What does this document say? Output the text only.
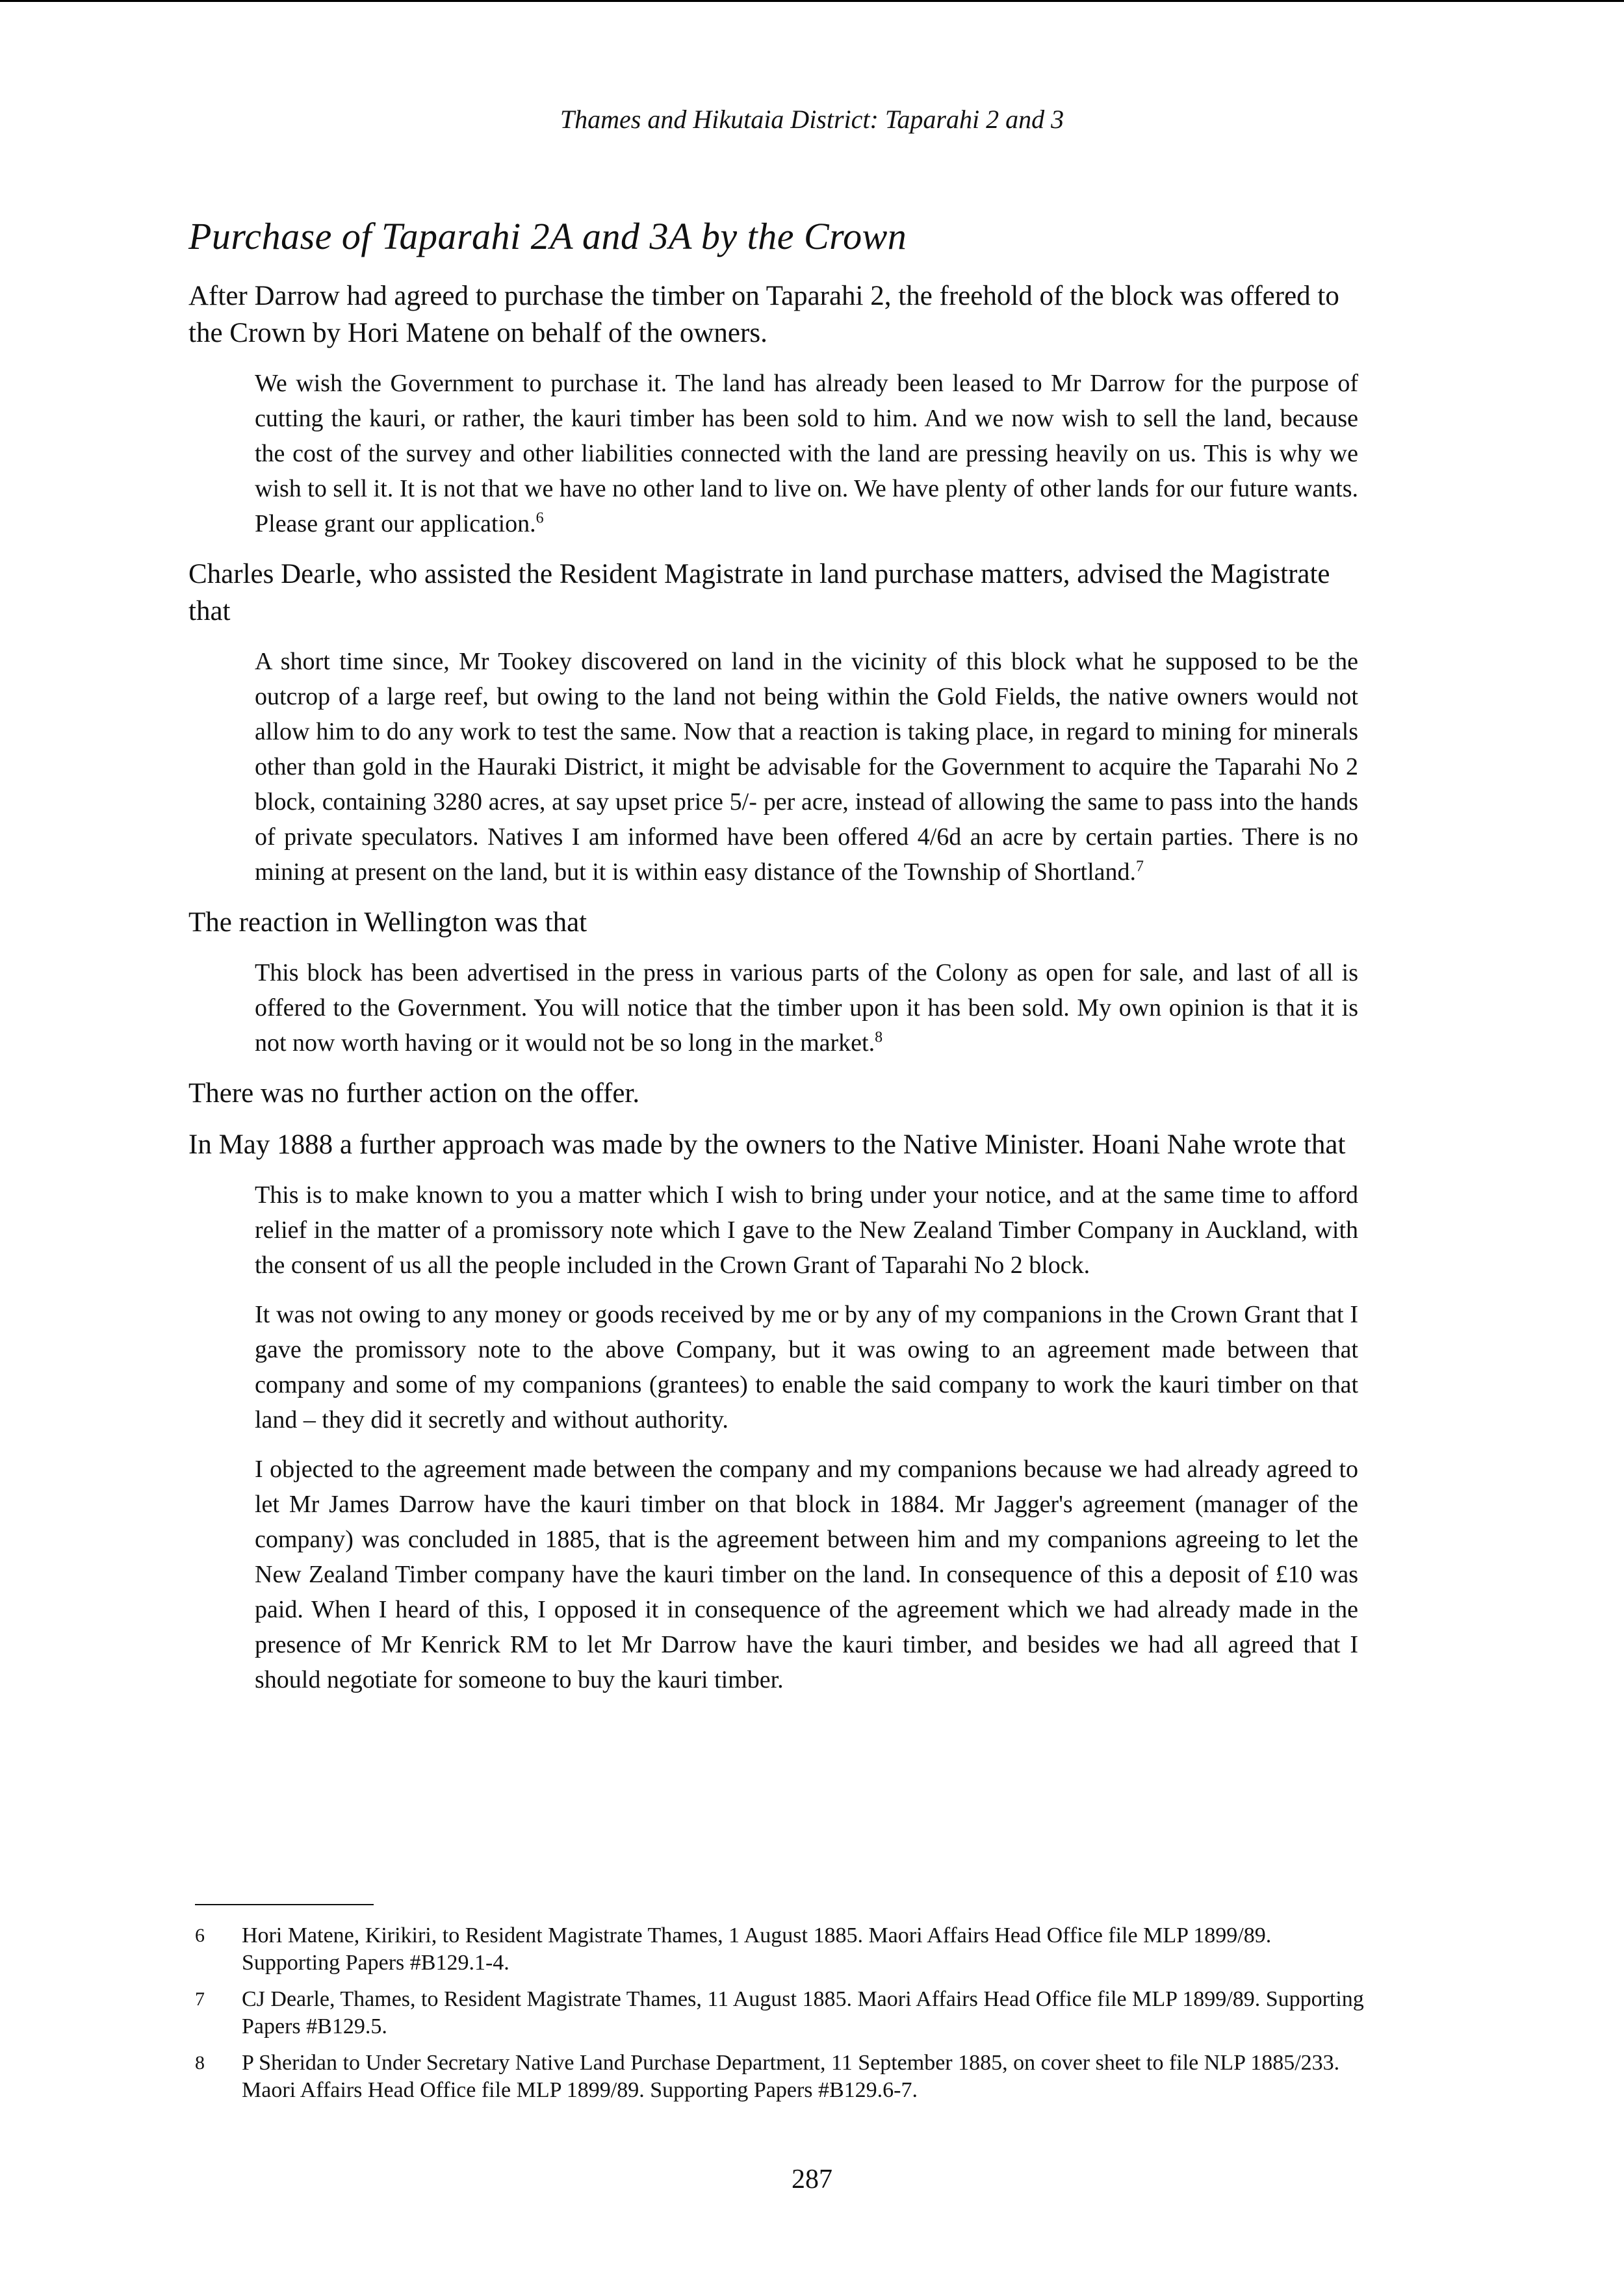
Thames and Hikutaia District: Taparahi 2 and 3
Purchase of Taparahi 2A and 3A by the Crown

After Darrow had agreed to purchase the timber on Taparahi 2, the freehold of the block was offered to the Crown by Hori Matene on behalf of the owners.

We wish the Government to purchase it. The land has already been leased to Mr Darrow for the purpose of cutting the kauri, or rather, the kauri timber has been sold to him. And we now wish to sell the land, because the cost of the survey and other liabilities connected with the land are pressing heavily on us. This is why we wish to sell it. It is not that we have no other land to live on. We have plenty of other lands for our future wants. Please grant our application.$^6$

Charles Dearle, who assisted the Resident Magistrate in land purchase matters, advised the Magistrate that

A short time since, Mr Tookey discovered on land in the vicinity of this block what he supposed to be the outcrop of a large reef, but owing to the land not being within the Gold Fields, the native owners would not allow him to do any work to test the same. Now that a reaction is taking place, in regard to mining for minerals other than gold in the Hauraki District, it might be advisable for the Government to acquire the Taparahi No 2 block, containing 3280 acres, at say upset price 5/- per acre, instead of allowing the same to pass into the hands of private speculators. Natives I am informed have been offered 4/6d an acre by certain parties. There is no mining at present on the land, but it is within easy distance of the Township of Shortland.$^7$

The reaction in Wellington was that

This block has been advertised in the press in various parts of the Colony as open for sale, and last of all is offered to the Government. You will notice that the timber upon it has been sold. My own opinion is that it is not now worth having or it would not be so long in the market.$^8$

There was no further action on the offer.

In May 1888 a further approach was made by the owners to the Native Minister. Hoani Nahe wrote that

This is to make known to you a matter which I wish to bring under your notice, and at the same time to afford relief in the matter of a promissory note which I gave to the New Zealand Timber Company in Auckland, with the consent of us all the people included in the Crown Grant of Taparahi No 2 block.

It was not owing to any money or goods received by me or by any of my companions in the Crown Grant that I gave the promissory note to the above Company, but it was owing to an agreement made between that company and some of my companions (grantees) to enable the said company to work the kauri timber on that land – they did it secretly and without authority.

I objected to the agreement made between the company and my companions because we had already agreed to let Mr James Darrow have the kauri timber on that block in 1884. Mr Jagger's agreement (manager of the company) was concluded in 1885, that is the agreement between him and my companions agreeing to let the New Zealand Timber company have the kauri timber on the land. In consequence of this a deposit of £10 was paid. When I heard of this, I opposed it in consequence of the agreement which we had already made in the presence of Mr Kenrick RM to let Mr Darrow have the kauri timber, and besides we had all agreed that I should negotiate for someone to buy the kauri timber.

6	Hori Matene, Kirikiri, to Resident Magistrate Thames, 1 August 1885. Maori Affairs Head Office file MLP 1899/89. Supporting Papers #B129.1-4.
7	CJ Dearle, Thames, to Resident Magistrate Thames, 11 August 1885. Maori Affairs Head Office file MLP 1899/89. Supporting Papers #B129.5.
8	P Sheridan to Under Secretary Native Land Purchase Department, 11 September 1885, on cover sheet to file NLP 1885/233. Maori Affairs Head Office file MLP 1899/89. Supporting Papers #B129.6-7.
287
